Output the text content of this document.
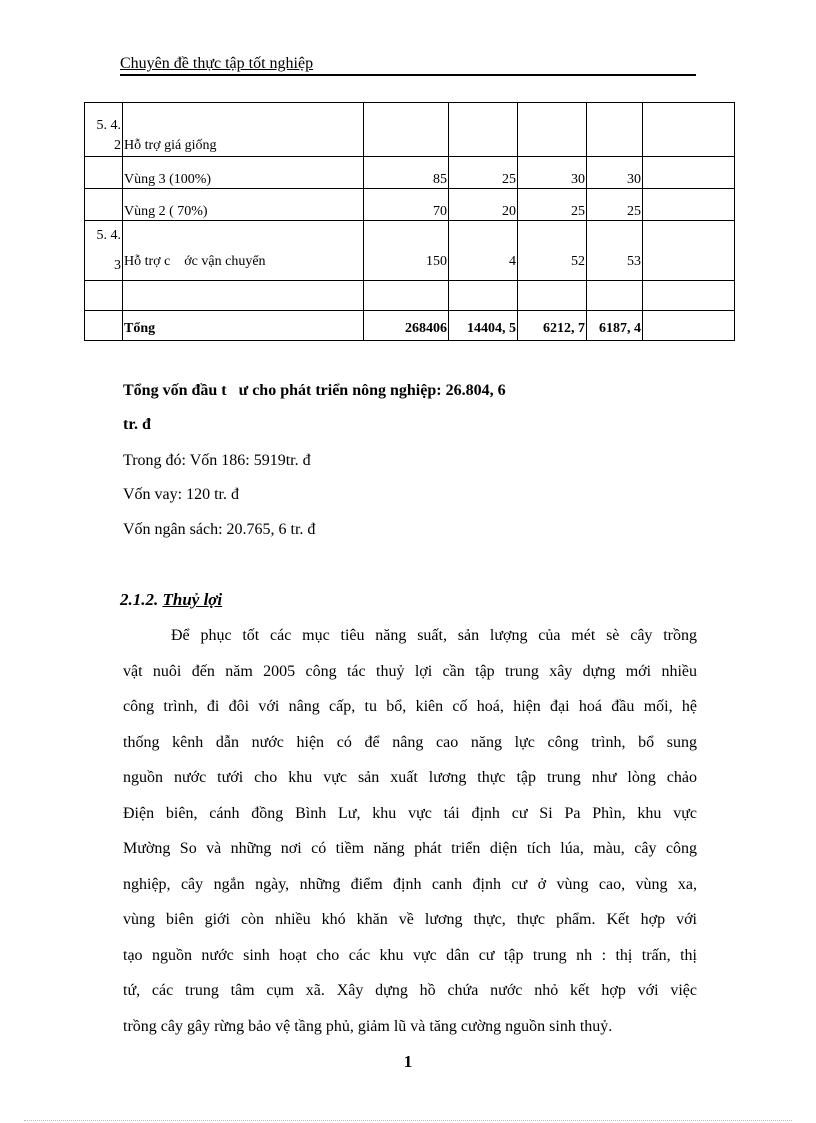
Chuyên đề thực tập tốt nghiệp
5. 4.
2	Hỗ trợ giá giống					
	Vùng 3 (100%)	85	25	30	30	
	Vùng 2 ( 70%)	70	20	25	25	

5. 4.
3	Hỗ trợ c    ớc vận chuyển	150	4	52	53	

	Tổng	268406	14404, 5	6212, 7	6187, 4	
Tổng vốn đầu t   ư cho phát triển nông nghiệp: 26.804, 6
tr. đ
Trong đó: Vốn 186: 5919tr. đ
Vốn vay: 120 tr. đ
Vốn ngân sách: 20.765, 6 tr. đ
2.1.2. Thuỷ lợi

Để phục tốt các mục tiêu năng suất, sản lượng của mét sè cây trồng
vật nuôi đến năm 2005 công tác thuỷ lợi cần tập trung xây dựng mới nhiều
công trình, đi đôi với nâng cấp, tu bổ, kiên cố hoá, hiện đại hoá đầu mối, hệ
thống kênh dẫn nước hiện có để nâng cao năng lực công trình, bổ sung
nguồn nước tưới cho khu vực sản xuất lương thực tập trung như lòng chảo
Điện biên, cánh đồng Bình Lư, khu vực tái định cư Si Pa Phìn, khu vực
Mường So và những nơi có tiềm năng phát triển diện tích lúa, màu, cây công
nghiệp, cây ngắn ngày, những điểm định canh định cư ở vùng cao, vùng xa,
vùng biên giới còn nhiều khó khăn về lương thực, thực phẩm. Kết hợp với
tạo nguồn nước sinh hoạt cho các khu vực dân cư tập trung nh : thị trấn, thị
tứ, các trung tâm cụm xã. Xây dựng hồ chứa nước nhỏ kết hợp với việc
trồng cây gây rừng bảo vệ tầng phủ, giảm lũ và tăng cường nguồn sinh thuỷ.

1
